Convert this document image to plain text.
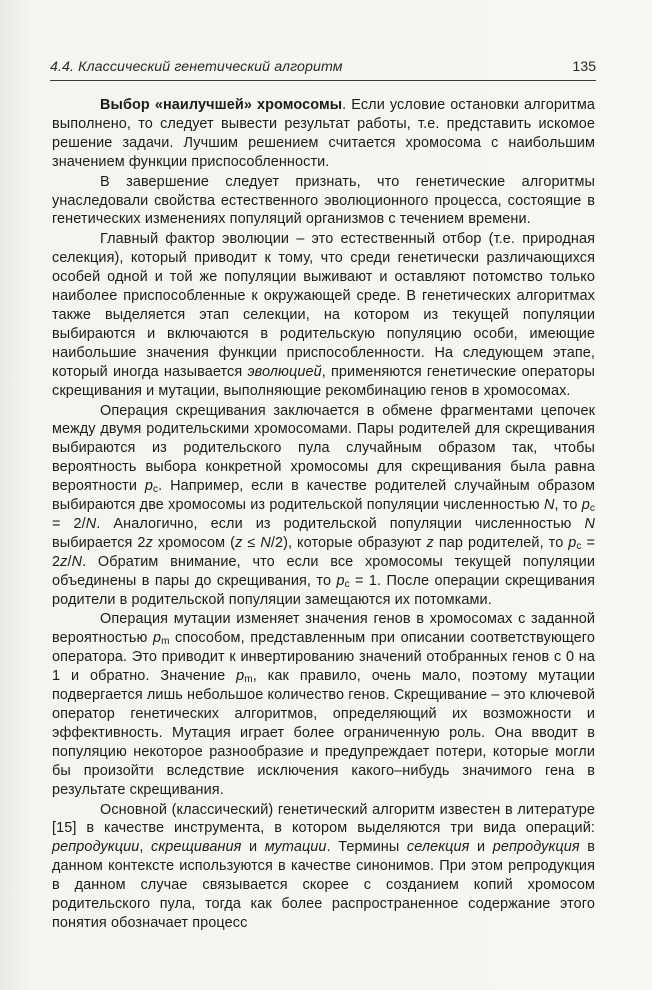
4.4. Классический генетический алгоритм	135

Выбор «наилучшей» хромосомы. Если условие остановки алгоритма выполнено, то следует вывести результат работы, т.е. представить искомое решение задачи. Лучшим решением считается хромосома с наибольшим значением функции приспособленности.

В завершение следует признать, что генетические алгоритмы унаследовали свойства естественного эволюционного процесса, состоящие в генетических изменениях популяций организмов с течением времени.

Главный фактор эволюции – это естественный отбор (т.е. природная селекция), который приводит к тому, что среди генетически различающихся особей одной и той же популяции выживают и оставляют потомство только наиболее приспособленные к окружающей среде. В генетических алгоритмах также выделяется этап селекции, на котором из текущей популяции выбираются и включаются в родительскую популяцию особи, имеющие наибольшие значения функции приспособленности. На следующем этапе, который иногда называется эволюцией, применяются генетические операторы скрещивания и мутации, выполняющие рекомбинацию генов в хромосомах.

Операция скрещивания заключается в обмене фрагментами цепочек между двумя родительскими хромосомами. Пары родителей для скрещивания выбираются из родительского пула случайным образом так, чтобы вероятность выбора конкретной хромосомы для скрещивания была равна вероятности $p_c$. Например, если в качестве родителей случайным образом выбираются две хромосомы из родительской популяции численностью N, то $p_c = 2/N$. Аналогично, если из родительской популяции численностью N выбирается 2z хромосом (z ≤ N/2), которые образуют z пар родителей, то $p_c = 2z/N$. Обратим внимание, что если все хромосомы текущей популяции объединены в пары до скрещивания, то $p_c = 1$. После операции скрещивания родители в родительской популяции замещаются их потомками.

Операция мутации изменяет значения генов в хромосомах с заданной вероятностью $p_m$ способом, представленным при описании соответствующего оператора. Это приводит к инвертированию значений отобранных генов с 0 на 1 и обратно. Значение $p_m$, как правило, очень мало, поэтому мутации подвергается лишь небольшое количество генов. Скрещивание – это ключевой оператор генетических алгоритмов, определяющий их возможности и эффективность. Мутация играет более ограниченную роль. Она вводит в популяцию некоторое разнообразие и предупреждает потери, которые могли бы произойти вследствие исключения какого–нибудь значимого гена в результате скрещивания.

Основной (классический) генетический алгоритм известен в литературе [15] в качестве инструмента, в котором выделяются три вида операций: репродукции, скрещивания и мутации. Термины селекция и репродукция в данном контексте используются в качестве синонимов. При этом репродукция в данном случае связывается скорее с созданием копий хромосом родительского пула, тогда как более распространенное содержание этого понятия обозначает процесс
